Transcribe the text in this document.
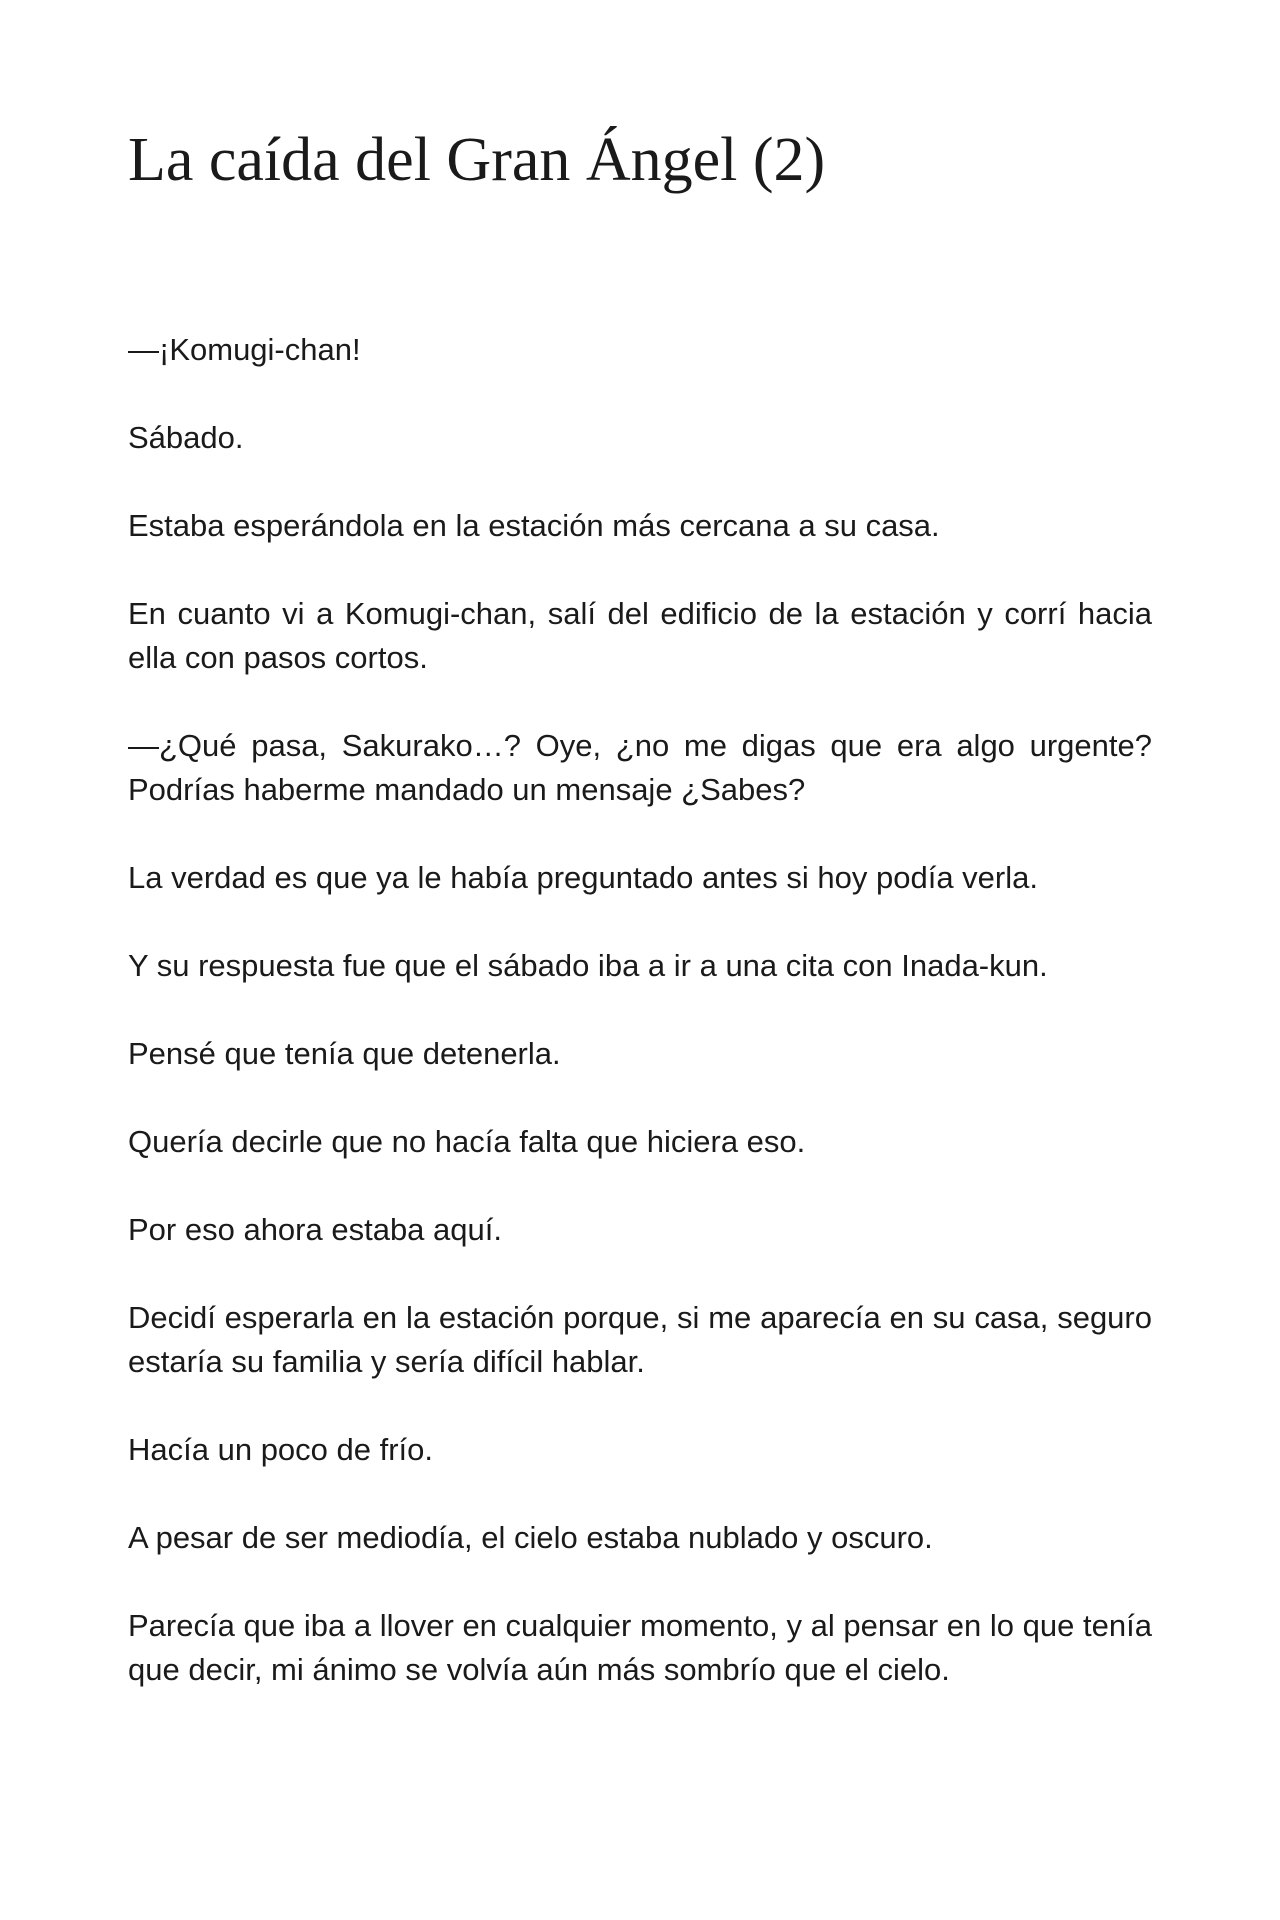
La caída del Gran Ángel (2)

—¡Komugi-chan!

Sábado.

Estaba esperándola en la estación más cercana a su casa.

En cuanto vi a Komugi-chan, salí del edificio de la estación y corrí hacia ella con pasos cortos.

—¿Qué pasa, Sakurako…? Oye, ¿no me digas que era algo urgente? Podrías haberme mandado un mensaje ¿Sabes?

La verdad es que ya le había preguntado antes si hoy podía verla.

Y su respuesta fue que el sábado iba a ir a una cita con Inada-kun.

Pensé que tenía que detenerla.

Quería decirle que no hacía falta que hiciera eso.

Por eso ahora estaba aquí.

Decidí esperarla en la estación porque, si me aparecía en su casa, seguro estaría su familia y sería difícil hablar.

Hacía un poco de frío.

A pesar de ser mediodía, el cielo estaba nublado y oscuro.

Parecía que iba a llover en cualquier momento, y al pensar en lo que tenía que decir, mi ánimo se volvía aún más sombrío que el cielo.
